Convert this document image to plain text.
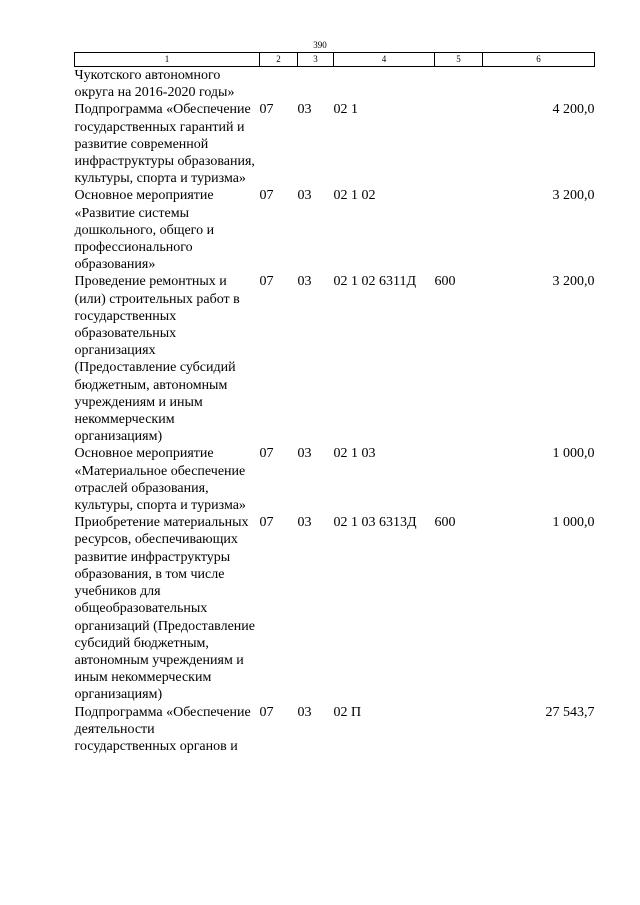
390
1	2	3	4	5	6
Чукотского автономного округа на 2016-2020 годы»					
Подпрограмма «Обеспечение государственных гарантий и развитие современной инфраструктуры образования, культуры, спорта и туризма»	07	03	02 1		4 200,0
Основное мероприятие «Развитие системы дошкольного, общего и профессионального образования»	07	03	02 1 02		3 200,0
Проведение ремонтных и (или) строительных работ в государственных образовательных организациях (Предоставление субсидий бюджетным, автономным учреждениям и иным некоммерческим организациям)	07	03	02 1 02 6311Д	600	3 200,0
Основное мероприятие «Материальное обеспечение отраслей образования, культуры, спорта и туризма»	07	03	02 1 03		1 000,0
Приобретение материальных ресурсов, обеспечивающих развитие инфраструктуры образования, в том числе учебников для общеобразовательных организаций (Предоставление субсидий бюджетным, автономным учреждениям и иным некоммерческим организациям)	07	03	02 1 03 6313Д	600	1 000,0
Подпрограмма «Обеспечение деятельности государственных органов и	07	03	02 П		27 543,7
